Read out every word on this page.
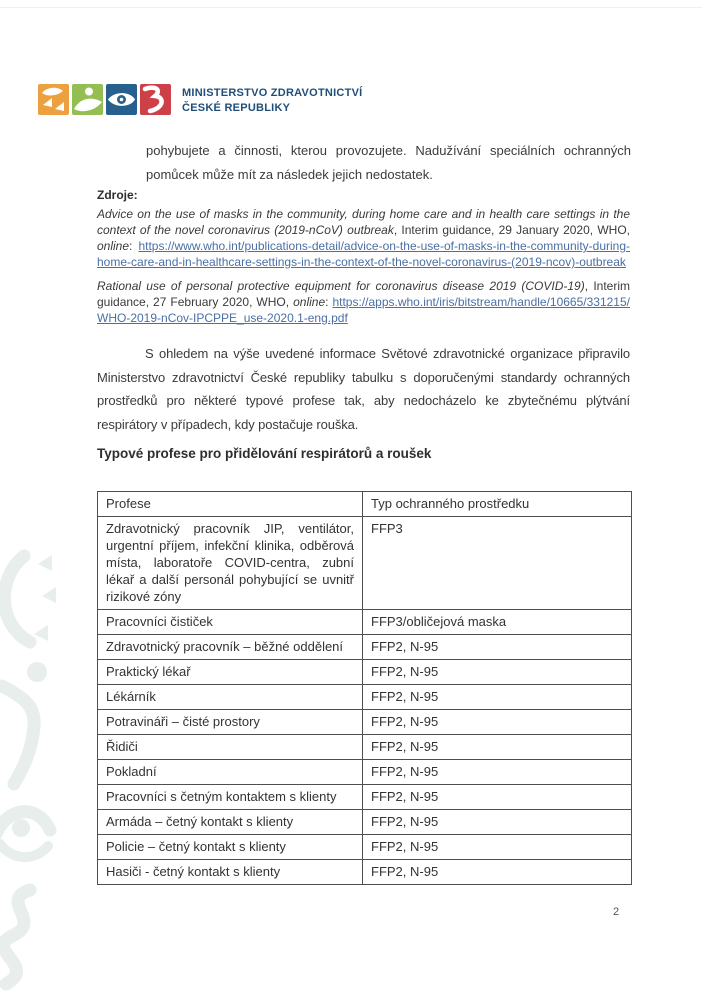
MINISTERSTVO ZDRAVOTNICTVÍ
ČESKÉ REPUBLIKY

pohybujete a činnosti, kterou provozujete. Nadužívání speciálních ochranných pomůcek může mít za následek jejich nedostatek.

Zdroje:

Advice on the use of masks in the community, during home care and in health care settings in the context of the novel coronavirus (2019-nCoV) outbreak, Interim guidance, 29 January 2020, WHO, online: https://www.who.int/publications-detail/advice-on-the-use-of-masks-in-the-community-during-home-care-and-in-healthcare-settings-in-the-context-of-the-novel-coronavirus-(2019-ncov)-outbreak

Rational use of personal protective equipment for coronavirus disease 2019 (COVID-19), Interim guidance, 27 February 2020, WHO, online: https://apps.who.int/iris/bitstream/handle/10665/331215/WHO-2019-nCov-IPCPPE_use-2020.1-eng.pdf

S ohledem na výše uvedené informace Světové zdravotnické organizace připravilo Ministerstvo zdravotnictví České republiky tabulku s doporučenými standardy ochranných prostředků pro některé typové profese tak, aby nedocházelo ke zbytečnému plýtvání respirátory v případech, kdy postačuje rouška.

Typové profese pro přidělování respirátorů a roušek
Profese	Typ ochranného prostředku
Zdravotnický pracovník JIP, ventilátor, urgentní příjem, infekční klinika, odběrová místa, laboratoře COVID-centra, zubní lékař a další personál pohybující se uvnitř rizikové zóny	FFP3
Pracovníci čističek	FFP3/obličejová maska
Zdravotnický pracovník – běžné oddělení	FFP2, N-95
Praktický lékař	FFP2, N-95
Lékárník	FFP2, N-95
Potravináři – čisté prostory	FFP2, N-95
Řidiči	FFP2, N-95
Pokladní	FFP2, N-95
Pracovníci s četným kontaktem s klienty	FFP2, N-95
Armáda – četný kontakt s klienty	FFP2, N-95
Policie – četný kontakt s klienty	FFP2, N-95
Hasiči - četný kontakt s klienty	FFP2, N-95
2
